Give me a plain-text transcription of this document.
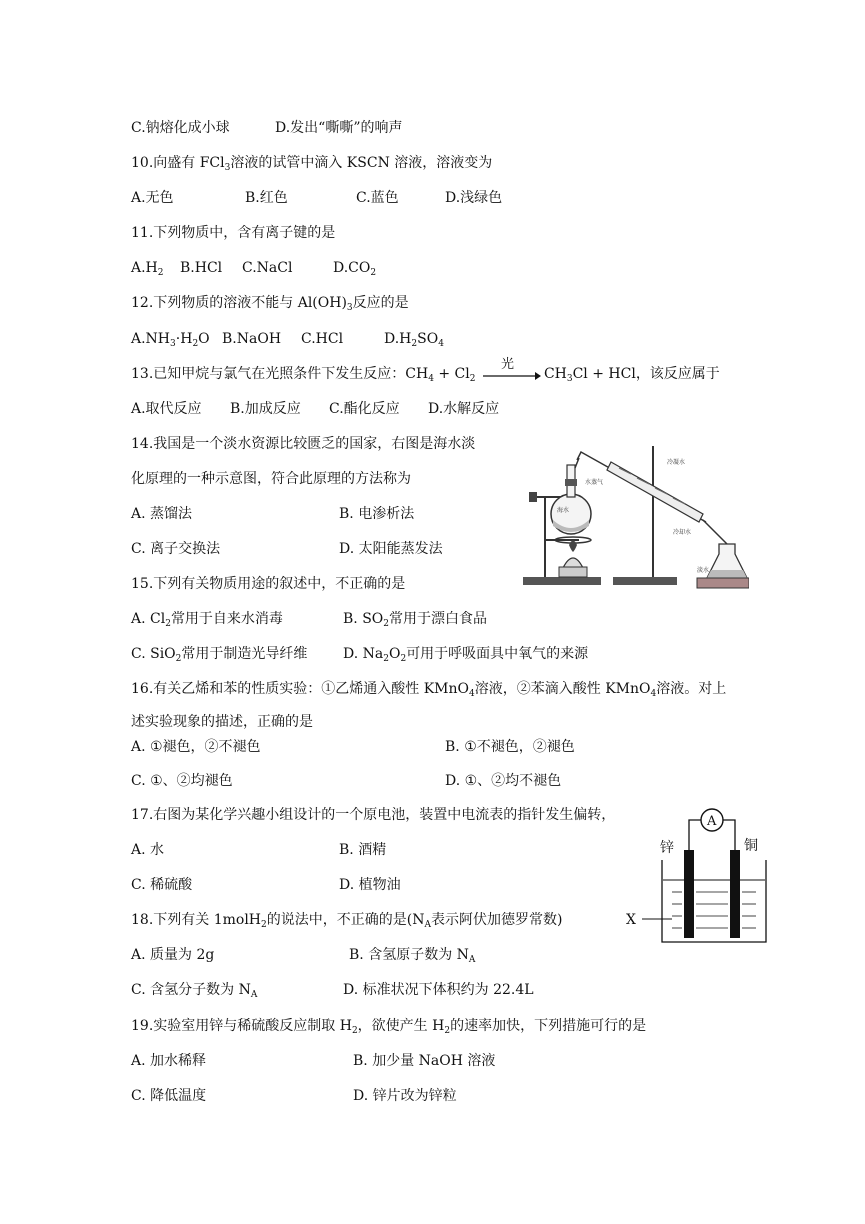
C.钠熔化成小球	D.发出“嘶嘶”的响声
10.向盛有 FCl$_3$溶液的试管中滴入 KSCN 溶液，溶液变为
A.无色	B.红色	C.蓝色	D.浅绿色
11.下列物质中，含有离子键的是
$A.H_2$ B.HCl C.NaCl	$D.CO_2$
12.下列物质的溶液不能与 $Al(OH)_3$反应的是
$A.NH_3\cdot H_2O$ B.NaOH C.HCl	$D.H_2SO_4$
13.已知甲烷与氯气在光照条件下发生反应：$CH_4 + Cl_2$
光
$CH_3Cl$ + HCl，该反应属于
A.取代反应 B.加成反应 C.酯化反应 D.水解反应
14.我国是一个淡水资源比较匮乏的国家，右图是海水淡
化原理的一种示意图，符合此原理的方法称为
A. 蒸馏法	B. 电渗析法
C. 离子交换法	D. 太阳能蒸发法
水蒸气
海水
冷凝水
冷却水
淡水
15.下列有关物质用途的叙述中，不正确的是
A. $Cl_2$常用于自来水消毒	B. $SO_2$常用于漂白食品
C. SiO$_2$常用于制造光导纤维	D. $Na_2O_2$可用于呼吸面具中氧气的来源
16.有关乙烯和苯的性质实验：①乙烯通入酸性 KMnO$_4$溶液，②苯滴入酸性 KMnO$_4$溶液。对上
述实验现象的描述，正确的是
A. ①褪色，②不褪色	B. ①不褪色，②褪色
C. ①、②均褪色	D. ①、②均不褪色
17.右图为某化学兴趣小组设计的一个原电池，装置中电流表的指针发生偏转，
A. 水	B. 酒精
C. 稀硫酸	D. 植物油
A
锌	铜
X
18.下列有关 1molH$_2$的说法中，不正确的是($N_A$表示阿伏加德罗常数)
A. 质量为 2g	B. 含氢原子数为 $N_A$
C. 含氢分子数为 $N_A$	D. 标准状况下体积约为 22.4L
19.实验室用锌与稀硫酸反应制取 $H_2$，欲使产生 $H_2$的速率加快，下列措施可行的是
A. 加水稀释	B. 加少量 NaOH 溶液
C. 降低温度	D. 锌片改为锌粒
